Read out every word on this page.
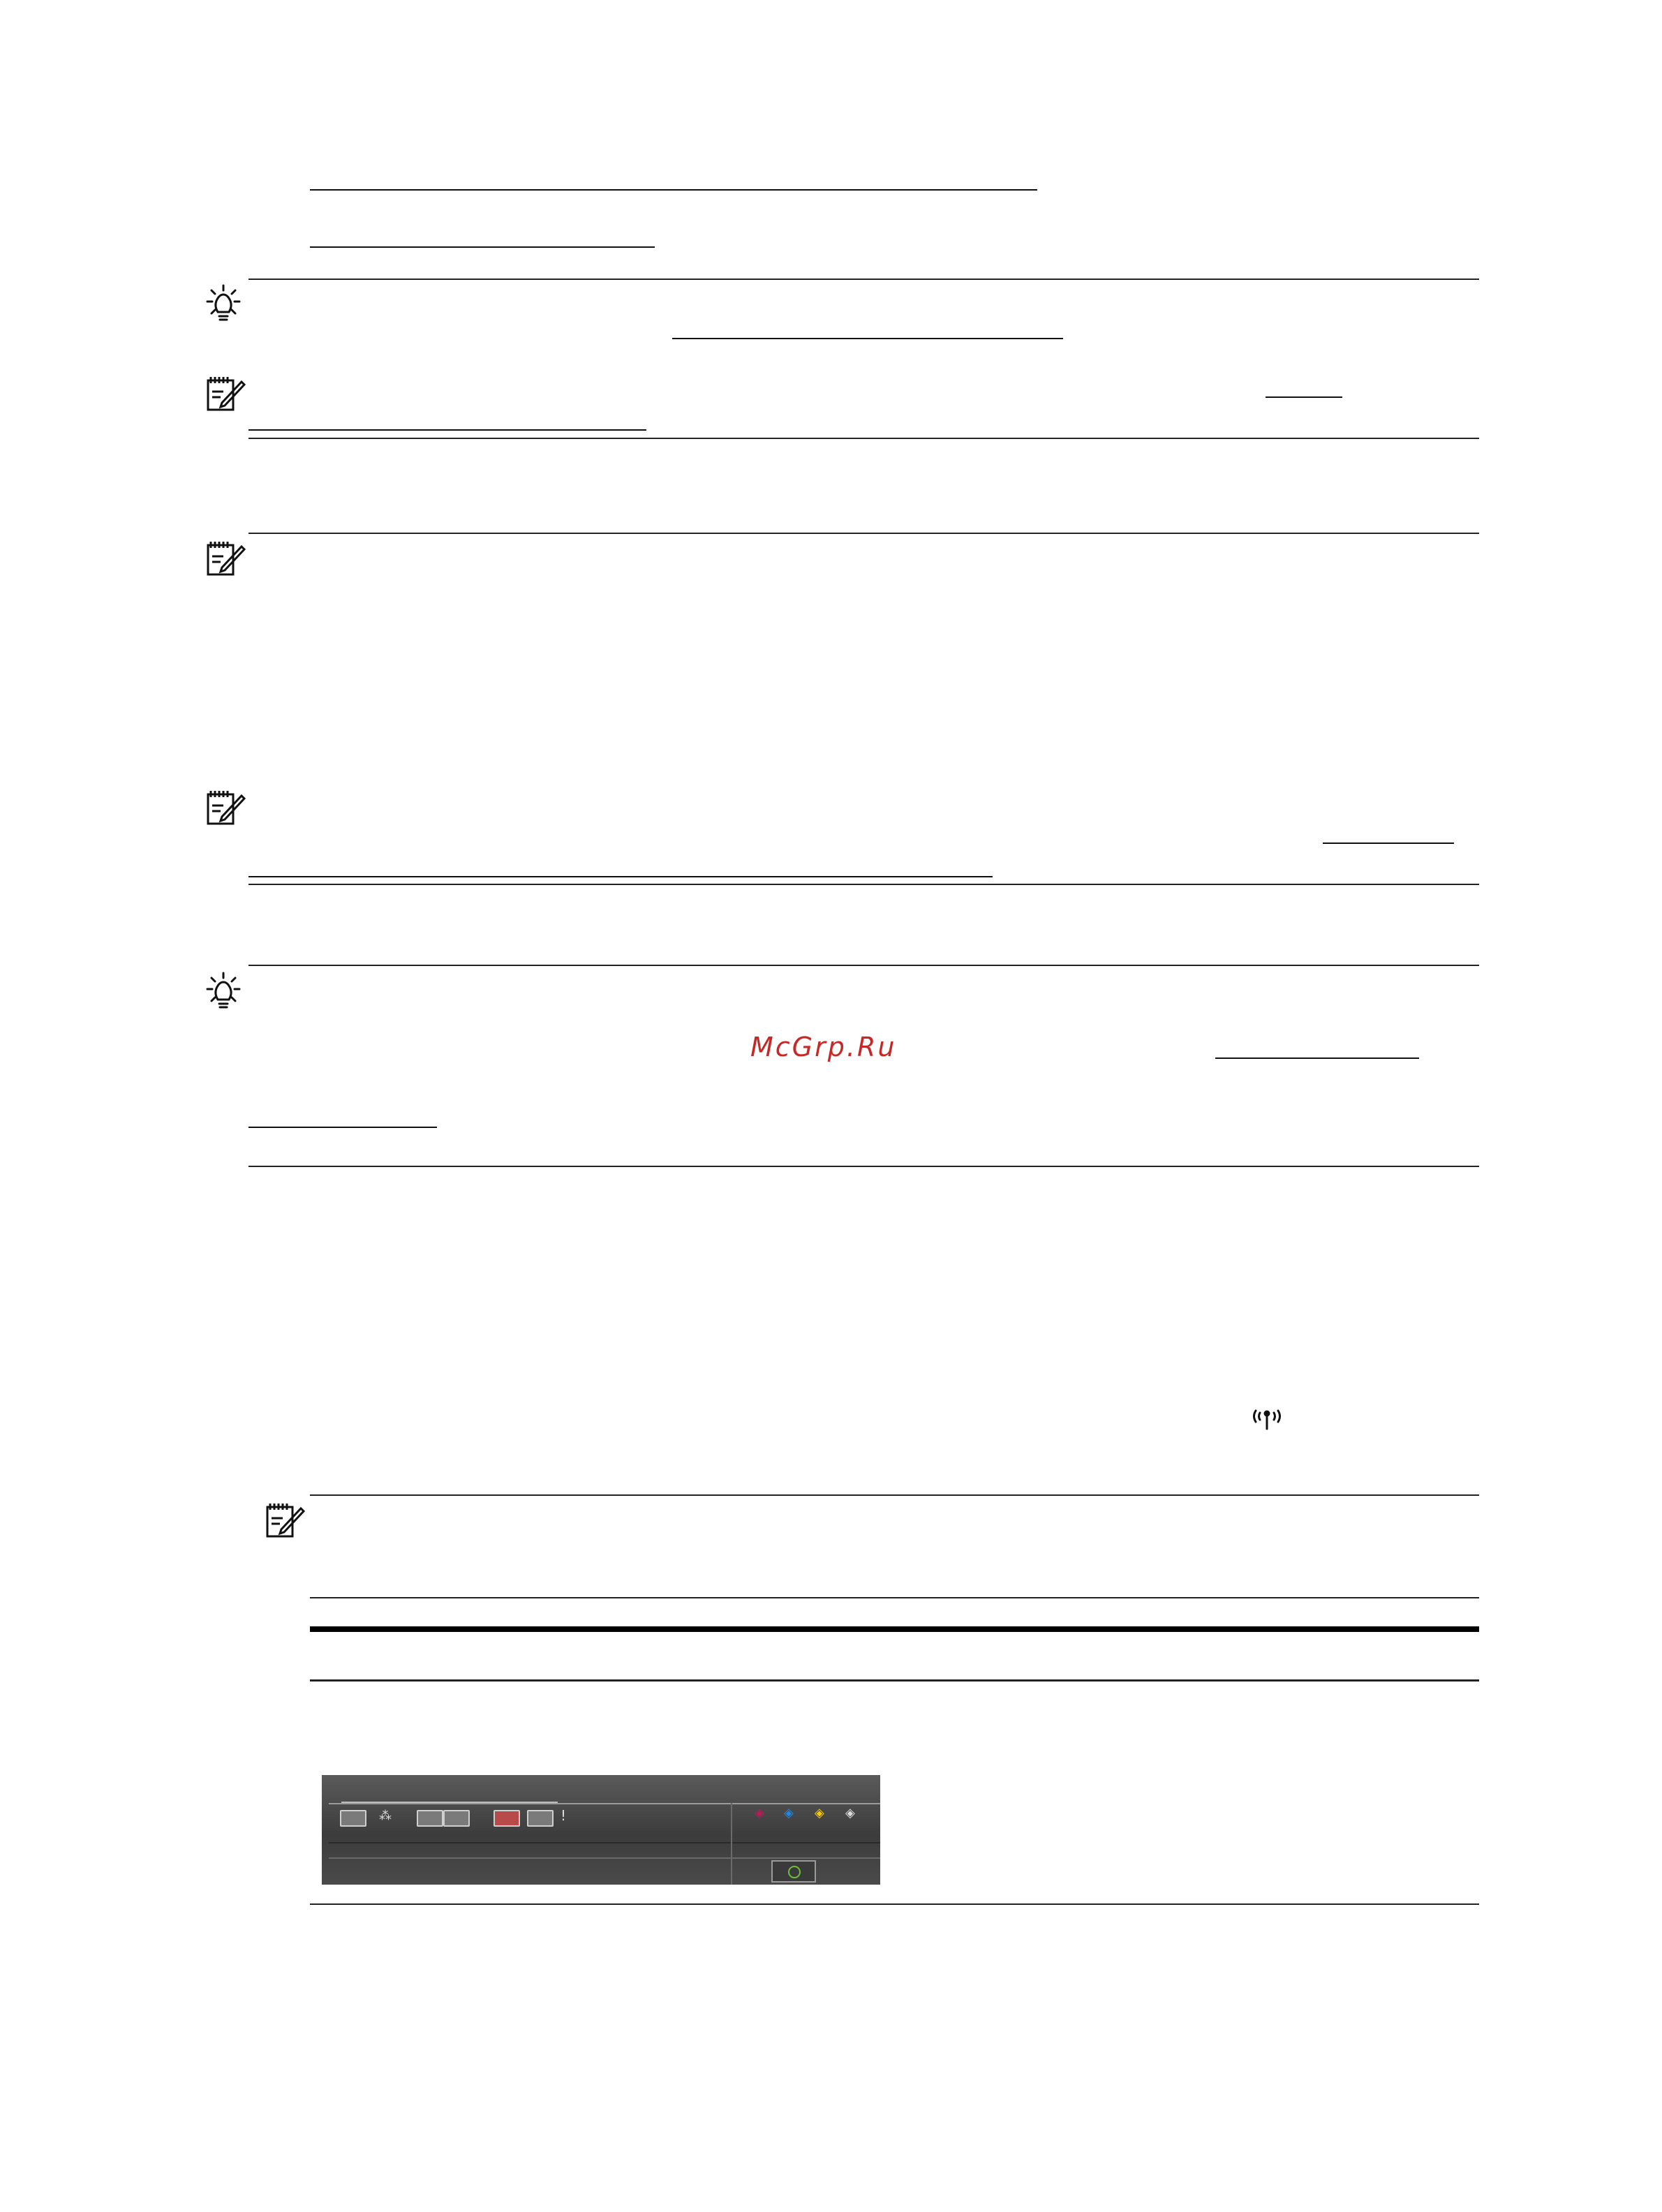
McGrp.Ru
⁂	!	◈ ◈ ◈ ◈
